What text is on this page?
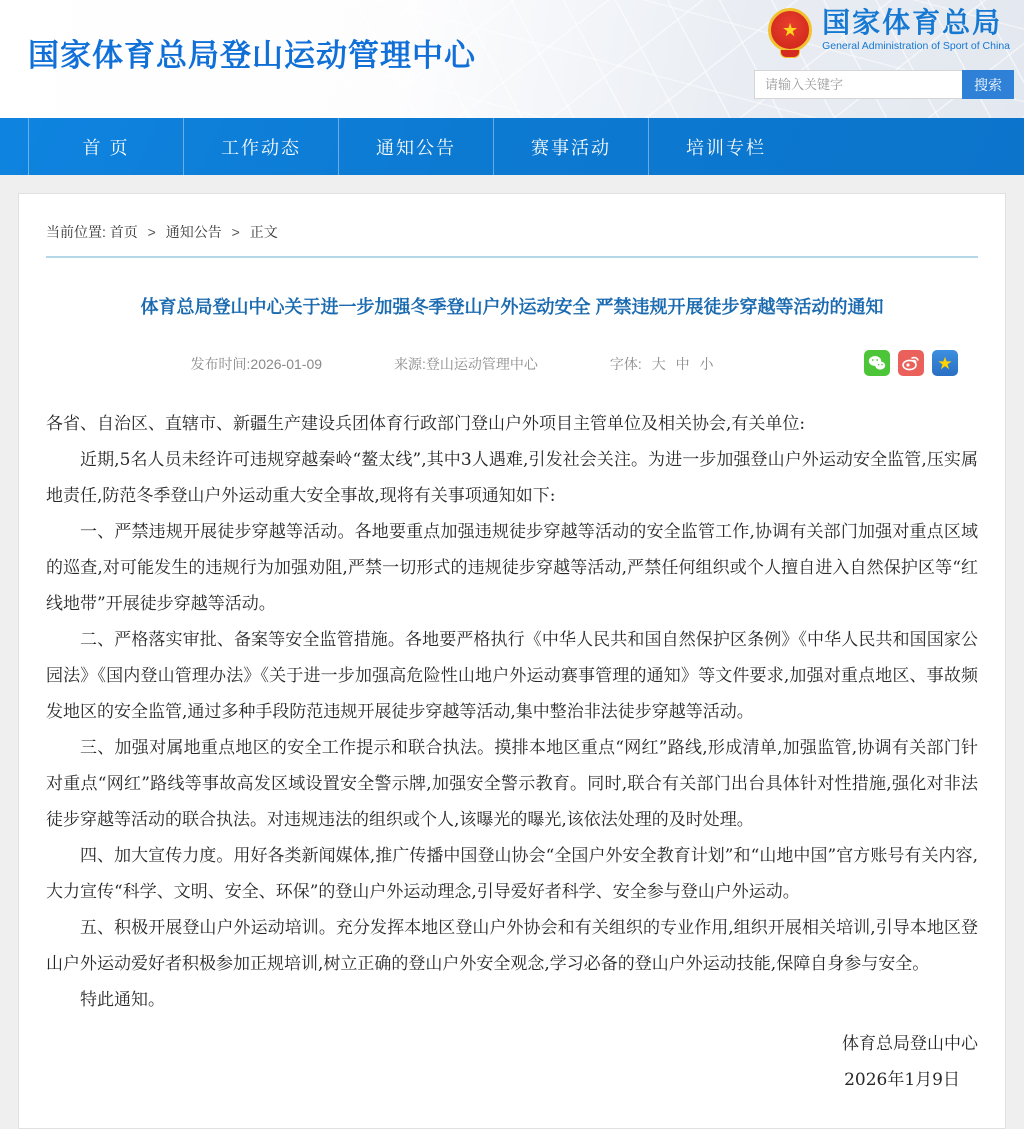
国家体育总局登山运动管理中心
★ 国家体育总局
General Administration of Sport of China
请输入关键字
搜索
首 页	工作动态	通知公告	赛事活动	培训专栏
当前位置: 首页 > 通知公告 > 正文
体育总局登山中心关于进一步加强冬季登山户外运动安全 严禁违规开展徒步穿越等活动的通知
发布时间:2026-01-09	来源:登山运动管理中心	字体: 大 中 小	★

各省、自治区、直辖市、新疆生产建设兵团体育行政部门登山户外项目主管单位及相关协会,有关单位:

近期,5名人员未经许可违规穿越秦岭“鳌太线”,其中3人遇难,引发社会关注。为进一步加强登山户外运动安全监管,压实属地责任,防范冬季登山户外运动重大安全事故,现将有关事项通知如下:

一、严禁违规开展徒步穿越等活动。各地要重点加强违规徒步穿越等活动的安全监管工作,协调有关部门加强对重点区域的巡查,对可能发生的违规行为加强劝阻,严禁一切形式的违规徒步穿越等活动,严禁任何组织或个人擅自进入自然保护区等“红线地带”开展徒步穿越等活动。

二、严格落实审批、备案等安全监管措施。各地要严格执行《中华人民共和国自然保护区条例》《中华人民共和国国家公园法》《国内登山管理办法》《关于进一步加强高危险性山地户外运动赛事管理的通知》等文件要求,加强对重点地区、事故频发地区的安全监管,通过多种手段防范违规开展徒步穿越等活动,集中整治非法徒步穿越等活动。

三、加强对属地重点地区的安全工作提示和联合执法。摸排本地区重点“网红”路线,形成清单,加强监管,协调有关部门针对重点“网红”路线等事故高发区域设置安全警示牌,加强安全警示教育。同时,联合有关部门出台具体针对性措施,强化对非法徒步穿越等活动的联合执法。对违规违法的组织或个人,该曝光的曝光,该依法处理的及时处理。

四、加大宣传力度。用好各类新闻媒体,推广传播中国登山协会“全国户外安全教育计划”和“山地中国”官方账号有关内容,大力宣传“科学、文明、安全、环保”的登山户外运动理念,引导爱好者科学、安全参与登山户外运动。

五、积极开展登山户外运动培训。充分发挥本地区登山户外协会和有关组织的专业作用,组织开展相关培训,引导本地区登山户外运动爱好者积极参加正规培训,树立正确的登山户外安全观念,学习必备的登山户外运动技能,保障自身参与安全。

特此通知。

体育总局登山中心
2026年1月9日
